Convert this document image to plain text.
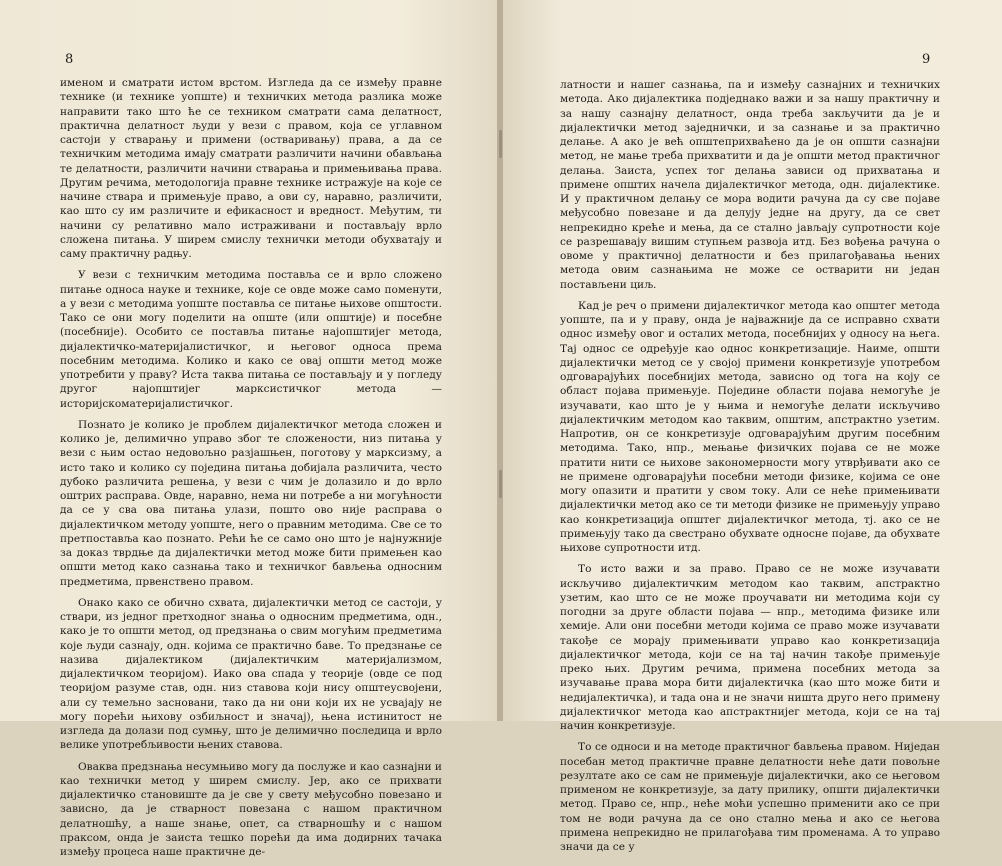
8

именом и сматрати истом врстом. Изгледа да се између правне технике (и технике уопште) и техничких метода разлика може направити тако што ће се техником сматрати сама делатност, практична делатност људи у вези с правом, која се углавном састоји у стварању и примени (остваривању) права, а да се техничким методима имају сматрати различити начини обављања те делатности, различити начини стварања и примењивања права. Другим речима, методологија правне технике истражује на које се начине ствара и примењује право, а ови су, наравно, различити, као што су им различите и ефикасност и вредност. Међутим, ти начини су релативно мало истраживани и постављају врло сложена питања. У ширем смислу технички методи обухватају и саму практичну радњу.

У вези с техничким методима поставља се и врло сложено питање односа науке и технике, које се овде може само поменути, а у вези с методима уопште поставља се питање њихове општости. Тако се они могу поделити на опште (или општије) и посебне (посебније). Особито се поставља питање најопштијег метода, дијалектичко-материјалистичког, и његовог односа према посебним методима. Колико и како се овај општи метод може употребити у праву? Иста таква питања се постављају и у погледу другог најопштијег марксистичког метода — историјскоматеријалистичког.

Познато је колико је проблем дијалектичког метода сложен и колико је, делимично управо због те сложености, низ питања у вези с њим остао недовољно разјашњен, поготову у марксизму, а исто тако и колико су поједина питања добијала различита, често дубоко различита решења, у вези с чим је долазило и до врло оштрих расправа. Овде, наравно, нема ни потребе а ни могућности да се у сва ова питања улази, пошто ово није расправа о дијалектичком методу уопште, него о правним методима. Све се то претпоставља као познато. Рећи ће се само оно што је најнужније за доказ тврдње да дијалектички метод може бити примењен као општи метод како сазнања тако и техничког бављења односним предметима, првенствено правом.

Онако како се обично схвата, дијалектички метод се састоји, у ствари, из једног претходног знања о односним предметима, одн., како је то општи метод, од предзнања о свим могућим предметима које људи сазнају, одн. којима се практично баве. То предзнање се назива дијалектиком (дијалектичким материјализмом, дијалектичком теоријом). Иако ова спада у теорије (овде се под теоријом разуме став, одн. низ ставова који нису општеусвојени, али су темељно засновани, тако да ни они који их не усвајају не могу порећи њихову озбиљност и значај), њена истинитост не изгледа да долази под сумњу, што је делимично последица и врло великe употребљивости њених ставова.

Оваква предзнања несумњиво могу да послуже и као сазнајни и као технички метод у ширем смислу. Јер, ако се прихвати дијалектичко становиште да је све у свету међусобно повезано и зависно, да је стварност повезана с нашом практичном делатношћу, а наше знање, опет, са стварношћу и с нашом праксом, онда је заиста тешко порећи да има додирних тачака између процеса наше практичне де-

9

латности и нашег сазнања, па и између сазнајних и техничких метода. Ако дијалектика подједнако важи и за нашу практичну и за нашу сазнајну делатност, онда треба закључити да је и дијалектички метод заједнички, и за сазнање и за практично делање. А ако је већ општеприхваћено да је он општи сазнајни метод, не мање треба прихватити и да је општи метод практичног делања. Заиста, успех тог делања зависи од прихватања и примене општих начела дијалектичког метода, одн. дијалектике. И у практичном делању се мора водити рачуна да су све појаве међусобно повезане и да делују једне на другу, да се свет непрекидно креће и мења, да се стално јављају супротности које се разрешавају вишим ступњем развоја итд. Без вођења рачуна о овоме у практичној делатности и без прилагођавања њених метода овим сазнањима не може се остварити ни један постављени циљ.

Кад је реч о примени дијалектичког метода као општег метода уопште, па и у праву, онда је најважније да се исправно схвати однос између овог и осталих метода, посебнијих у односу на њега. Тај однос се одређује као однос конкретизације. Наиме, општи дијалектички метод се у својој примени конкретизује употребом одговарајућих посебнијих метода, зависно од тога на коју се област појава примењује. Поједине области појава немогуће је изучавати, као што је у њима и немогуће делати искључиво дијалектичким методом као таквим, општим, апстрактно узетим. Напротив, он се конкретизује одговарајућим другим посебним методима. Тако, нпр., мењање физичких појава се не може пратити нити се њихове закономерности могу утврђивати ако се не примене одговарајући посебни методи физике, којима се оне могу опазити и пратити у свом току. Али се неће примењивати дијалектички метод ако се ти методи физике не примењују управо као конкретизација општег дијалектичког метода, тј. ако се не примењују тако да свестрано обухвате односне појаве, да обухвате њихове супротности итд.

То исто важи и за право. Право се не може изучавати искључиво дијалектичким методом као таквим, апстрактно узетим, као што се не може проучавати ни методима који су погодни за друге области појава — нпр., методима физике или хемије. Али они посебни методи којима се право може изучавати такође се морају примењивати управо као конкретизација дијалектичког метода, који се на тај начин такође примењује преко њих. Другим речима, примена посебних метода за изучавање права мора бити дијалектичка (као што може бити и недијалектичка), и тада она и не значи ништа друго него примену дијалектичког метода као апстрактнијег метода, који се на тај начин конкретизује.

То се односи и на методе практичног бављења правом. Ниједан посебан метод практичне правне делатности неће дати повољне резултате ако се сам не примењује дијалектички, ако се његовом применом не конкретизује, за дату прилику, општи дијалектички метод. Право се, нпр., неће моћи успешно применити ако се при том не води рачуна да се оно стално мења и ако се његова примена непрекидно не прилагођава тим променама. А то управо значи да се у
